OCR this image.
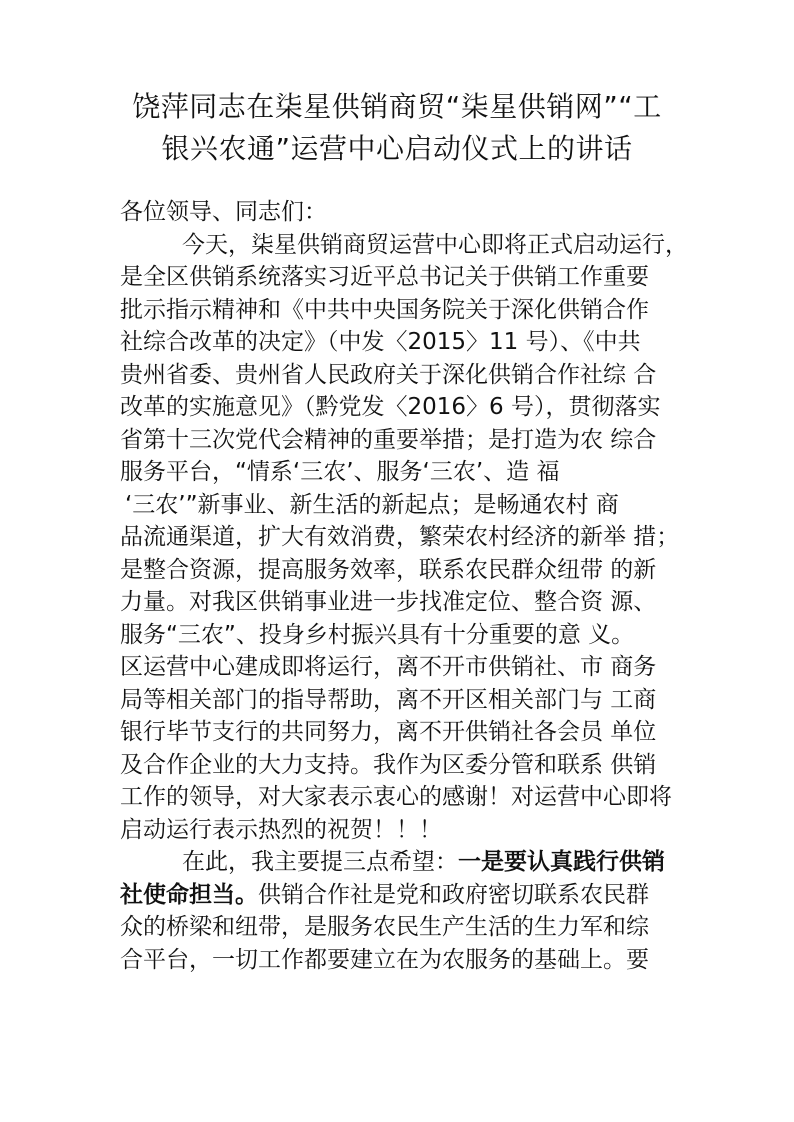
饶萍同志在柒星供销商贸“柒星供销网”“工
银兴农通”运营中心启动仪式上的讲话
各位领导、同志们：
今天，柒星供销商贸运营中心即将正式启动运行，
是全区供销系统落实习近平总书记关于供销工作重要
批示指示精神和《中共中央国务院关于深化供销合作
社综合改革的决定》（中发〈2015〉11 号）、《中共
贵州省委、贵州省人民政府关于深化供销合作社综 合
改革的实施意见》（黔党发〈2016〉6 号），贯彻落实
省第十三次党代会精神的重要举措；是打造为农 综合
服务平台，“情系‘三农’、服务‘三农’、造 福
‘三农’”新事业、新生活的新起点；是畅通农村 商
品流通渠道，扩大有效消费，繁荣农村经济的新举 措；
是整合资源，提高服务效率，联系农民群众纽带 的新
力量。对我区供销事业进一步找准定位、整合资 源、
服务“三农”、投身乡村振兴具有十分重要的意 义。
区运营中心建成即将运行，离不开市供销社、市 商务
局等相关部门的指导帮助，离不开区相关部门与 工商
银行毕节支行的共同努力，离不开供销社各会员 单位
及合作企业的大力支持。我作为区委分管和联系 供销
工作的领导，对大家表示衷心的感谢！对运营中心即将
启动运行表示热烈的祝贺！！！
在此，我主要提三点希望：一是要认真践行供销
社使命担当。供销合作社是党和政府密切联系农民群
众的桥梁和纽带，是服务农民生产生活的生力军和综
合平台，一切工作都要建立在为农服务的基础上。要
